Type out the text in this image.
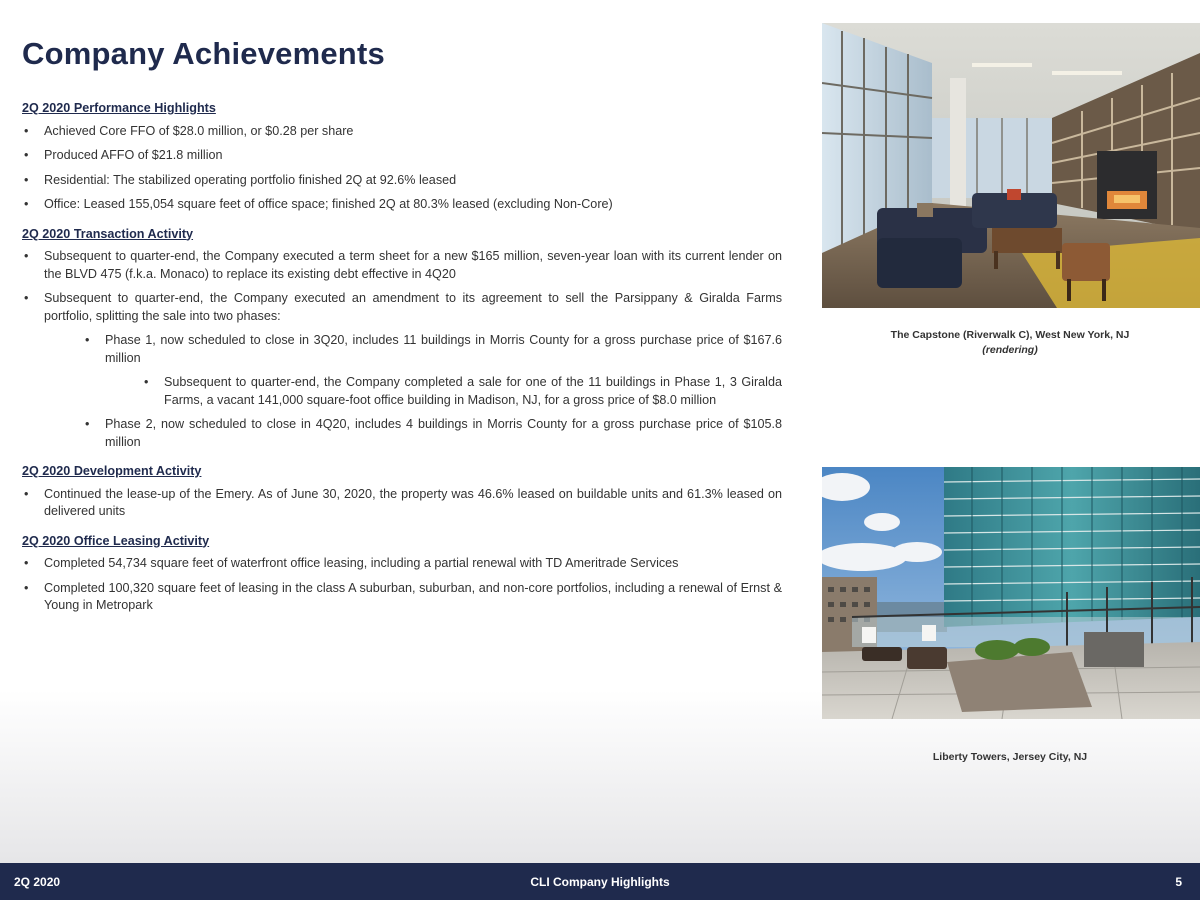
Company Achievements
2Q 2020 Performance Highlights
• Achieved Core FFO of $28.0 million, or $0.28 per share
• Produced AFFO of $21.8 million
• Residential: The stabilized operating portfolio finished 2Q at 92.6% leased
• Office: Leased 155,054 square feet of office space; finished 2Q at 80.3% leased (excluding Non-Core)
2Q 2020 Transaction Activity
• Subsequent to quarter-end, the Company executed a term sheet for a new $165 million, seven-year loan with its current lender on the BLVD 475 (f.k.a. Monaco) to replace its existing debt effective in 4Q20
• Subsequent to quarter-end, the Company executed an amendment to its agreement to sell the Parsippany & Giralda Farms portfolio, splitting the sale into two phases:
• Phase 1, now scheduled to close in 3Q20, includes 11 buildings in Morris County for a gross purchase price of $167.6 million
• Subsequent to quarter-end, the Company completed a sale for one of the 11 buildings in Phase 1, 3 Giralda Farms, a vacant 141,000 square-foot office building in Madison, NJ, for a gross price of $8.0 million
• Phase 2, now scheduled to close in 4Q20, includes 4 buildings in Morris County for a gross purchase price of $105.8 million
2Q 2020 Development Activity
• Continued the lease-up of the Emery. As of June 30, 2020, the property was 46.6% leased on buildable units and 61.3% leased on delivered units
2Q 2020 Office Leasing Activity
• Completed 54,734 square feet of waterfront office leasing, including a partial renewal with TD Ameritrade Services
• Completed 100,320 square feet of leasing in the class A suburban, suburban, and non-core portfolios, including a renewal of Ernst & Young in Metropark
The Capstone (Riverwalk C), West New York, NJ
(rendering)
Liberty Towers, Jersey City, NJ
2Q 2020	CLI Company Highlights	5
